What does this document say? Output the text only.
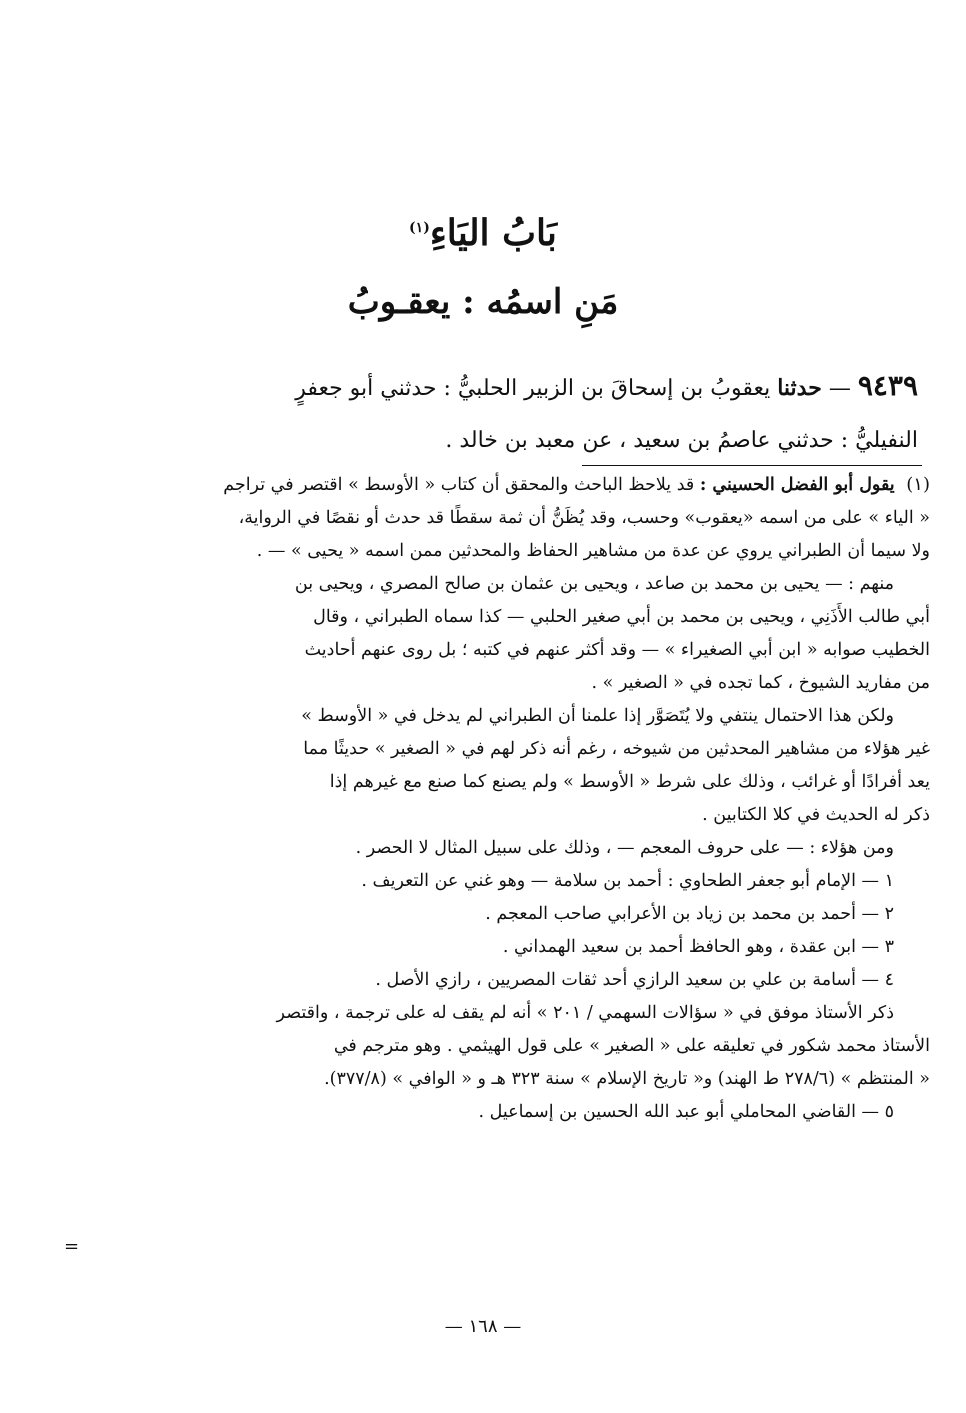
بَابُ اليَاءِ$^{(١)}$
مَنِ اسمُه : يعقـوبُ
٩٤٣٩ — حدثنا يعقوبُ بن إسحاقَ بن الزبير الحلبيُّ : حدثني أبو جعفرٍ
النفيليُّ : حدثني عاصمُ بن سعيد ، عن معبد بن خالد .
(١) يقول أبو الفضل الحسيني : قد يلاحظ الباحث والمحقق أن كتاب « الأوسط » اقتصر في تراجم
« الياء » على من اسمه «يعقوب» وحسب، وقد يُظَنُّ أن ثمة سقطًا قد حدث أو نقصًا في الرواية،
ولا سيما أن الطبراني يروي عن عدة من مشاهير الحفاظ والمحدثين ممن اسمه « يحيى » — .
منهم : — يحيى بن محمد بن صاعد ، ويحيى بن عثمان بن صالح المصري ، ويحيى بن
أبي طالب الأَذَنِي ، ويحيى بن محمد بن أبي صغير الحلبي — كذا سماه الطبراني ، وقال
الخطيب صوابه « ابن أبي الصغيراء » — وقد أكثر عنهم في كتبه ؛ بل روى عنهم أحاديث
من مفاريد الشيوخ ، كما تجده في « الصغير » .
ولكن هذا الاحتمال ينتفي ولا يُتَصَوَّر إذا علمنا أن الطبراني لم يدخل في « الأوسط »
غير هؤلاء من مشاهير المحدثين من شيوخه ، رغم أنه ذكر لهم في « الصغير » حديثًا مما
يعد أفرادًا أو غرائب ، وذلك على شرط « الأوسط » ولم يصنع كما صنع مع غيرهم إذا
ذكر له الحديث في كلا الكتابين .
ومن هؤلاء : — على حروف المعجم — ، وذلك على سبيل المثال لا الحصر .
١ — الإمام أبو جعفر الطحاوي : أحمد بن سلامة — وهو غني عن التعريف .
٢ — أحمد بن محمد بن زياد بن الأعرابي صاحب المعجم .
٣ — ابن عقدة ، وهو الحافظ أحمد بن سعيد الهمداني .
٤ — أسامة بن علي بن سعيد الرازي أحد ثقات المصريين ، رازي الأصل .
ذكر الأستاذ موفق في « سؤالات السهمي / ٢٠١ » أنه لم يقف له على ترجمة ، واقتصر
الأستاذ محمد شكور في تعليقه على « الصغير » على قول الهيثمي . وهو مترجم في
« المنتظم » (٢٧٨/٦ ط الهند) و« تاريخ الإسلام » سنة ٣٢٣ هـ و « الوافي » (٣٧٧/٨).
٥ — القاضي المحاملي أبو عبد الله الحسين بن إسماعيل .
=
— ١٦٨ —
